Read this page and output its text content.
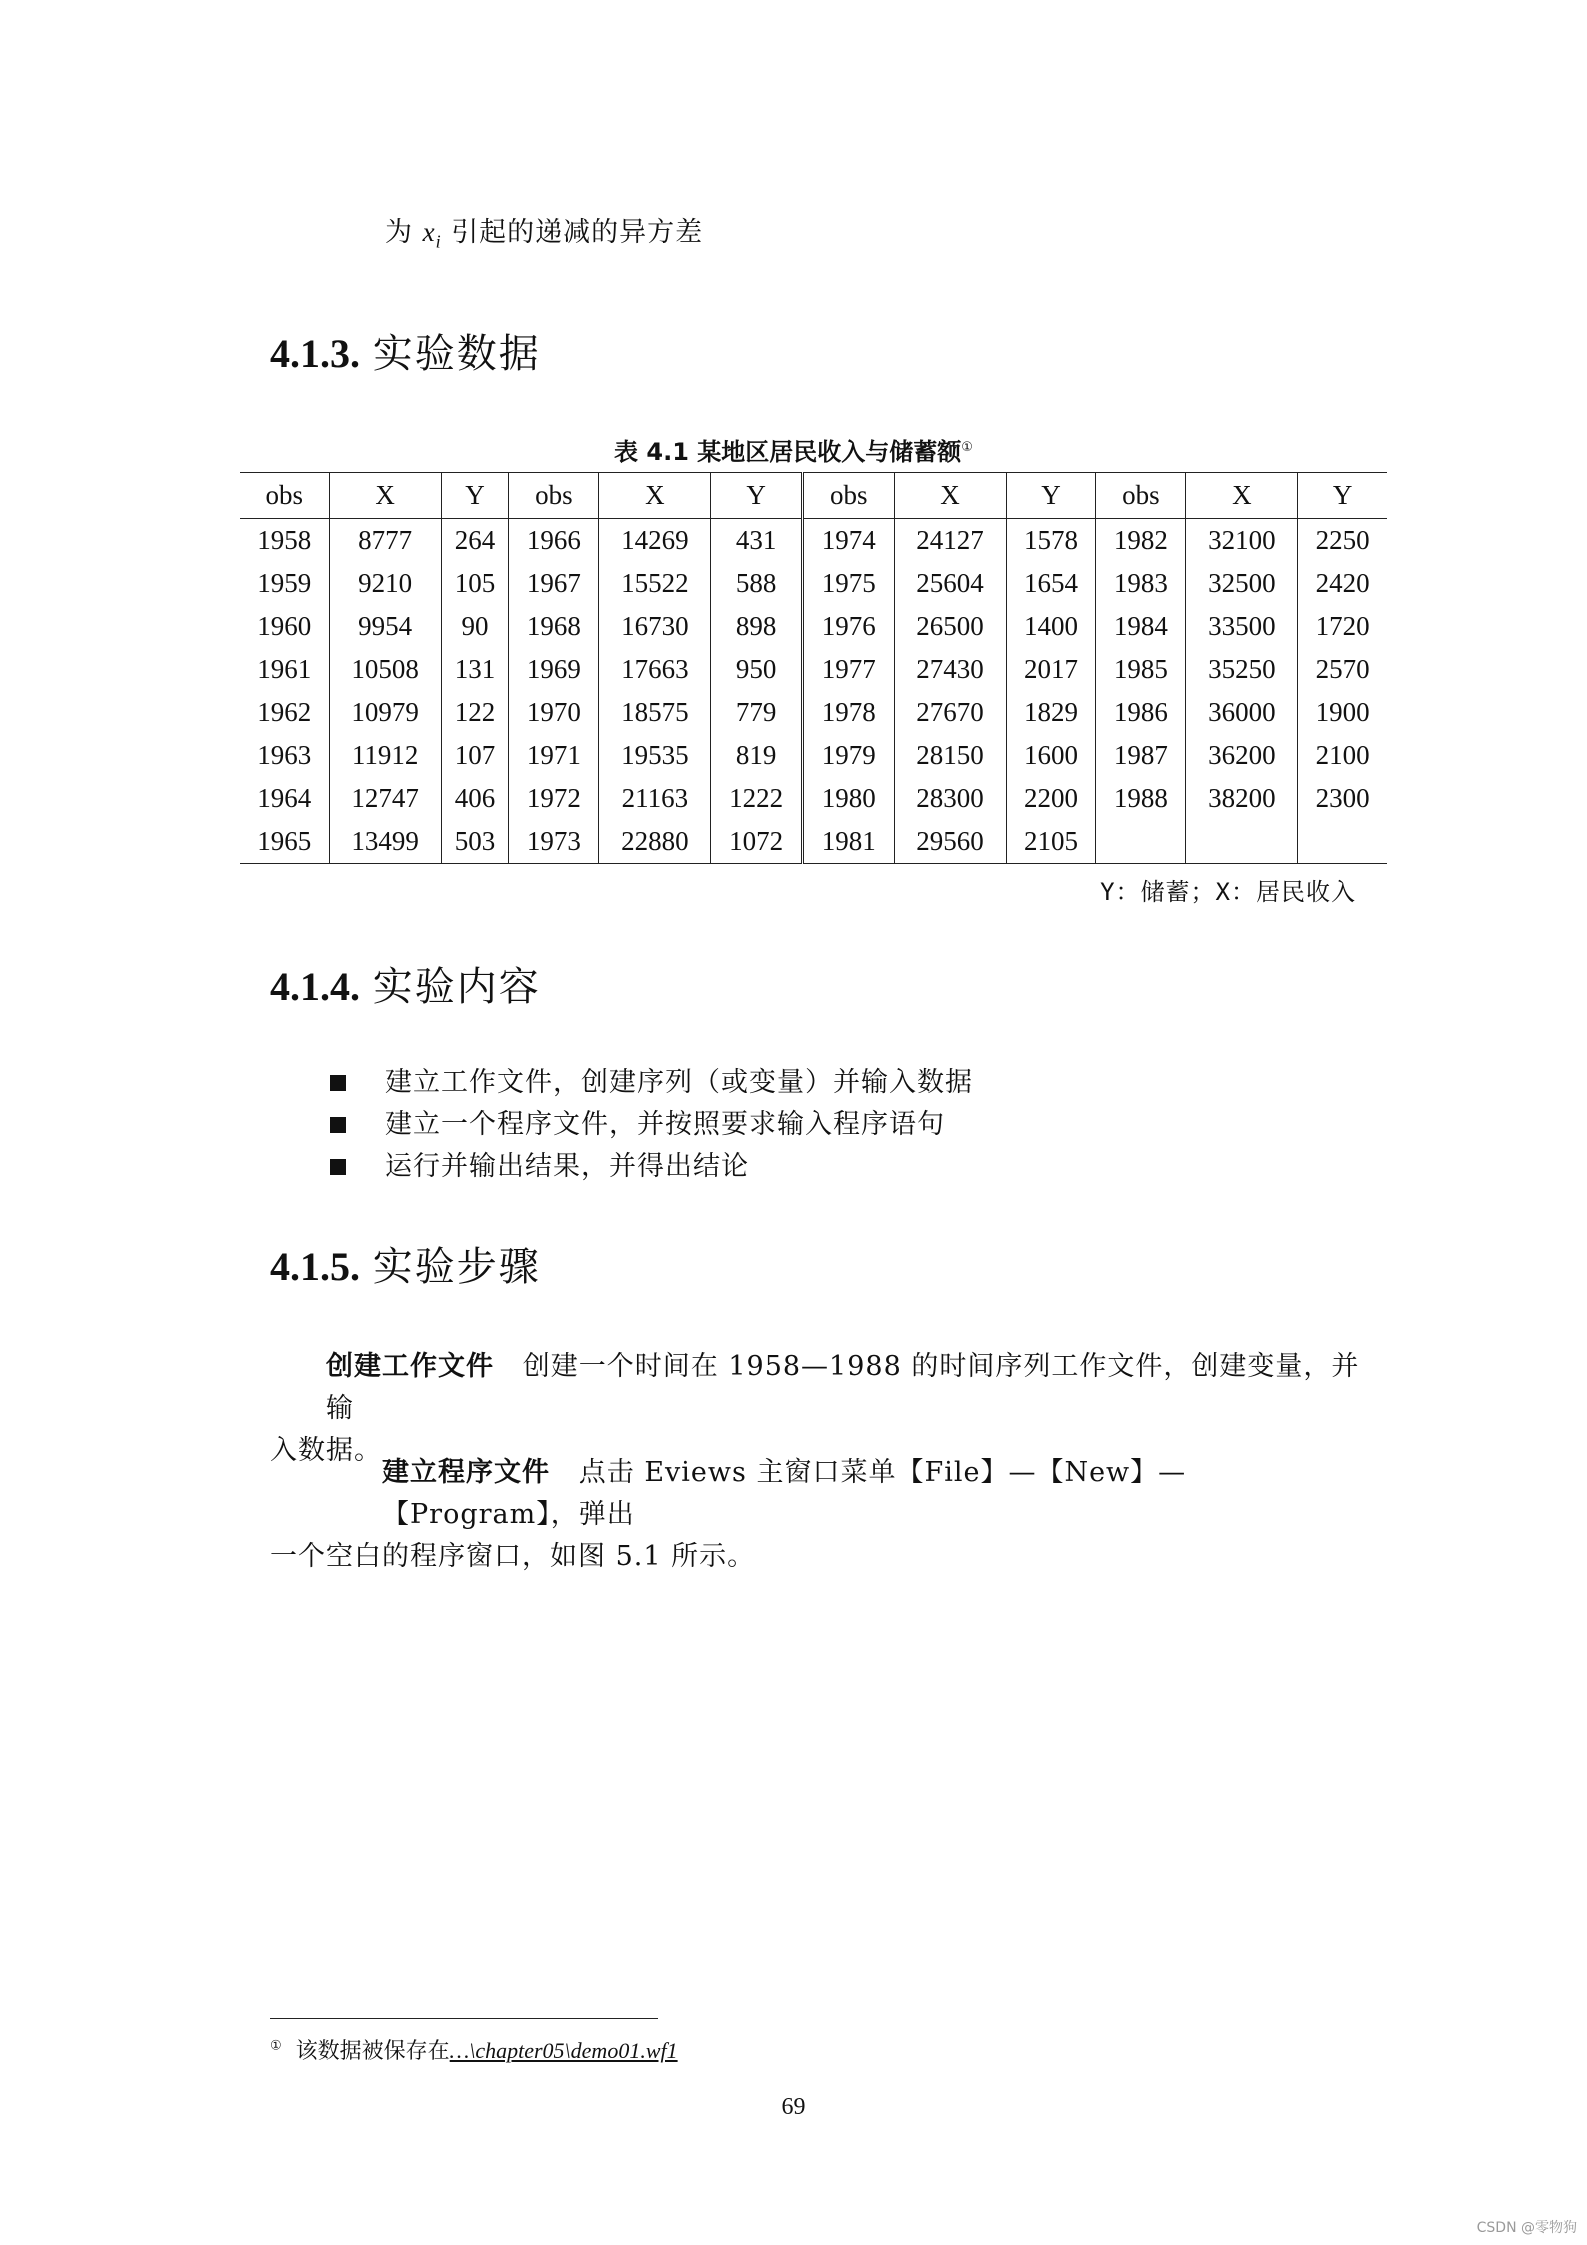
为 $x_i$ 引起的递减的异方差
4.1.3. 实验数据
表 4.1 某地区居民收入与储蓄额①
obs	X	Y	obs	X	Y	obs	X	Y	obs	X	Y
1958	8777	264	1966	14269	431	1974	24127	1578	1982	32100	2250
1959	9210	105	1967	15522	588	1975	25604	1654	1983	32500	2420
1960	9954	90	1968	16730	898	1976	26500	1400	1984	33500	1720
1961	10508	131	1969	17663	950	1977	27430	2017	1985	35250	2570
1962	10979	122	1970	18575	779	1978	27670	1829	1986	36000	1900
1963	11912	107	1971	19535	819	1979	28150	1600	1987	36200	2100
1964	12747	406	1972	21163	1222	1980	28300	2200	1988	38200	2300
1965	13499	503	1973	22880	1072	1981	29560	2105			
Y：储蓄；X：居民收入
4.1.4. 实验内容
建立工作文件，创建序列（或变量）并输入数据
建立一个程序文件，并按照要求输入程序语句
运行并输出结果，并得出结论
4.1.5. 实验步骤
创建工作文件 创建一个时间在 1958—1988 的时间序列工作文件，创建变量，并输
入数据。
建立程序文件 点击 Eviews 主窗口菜单【File】—【New】—【Program】，弹出
一个空白的程序窗口，如图 5.1 所示。
① 该数据被保存在…\chapter05\demo01.wf1
69
CSDN @零物狗
